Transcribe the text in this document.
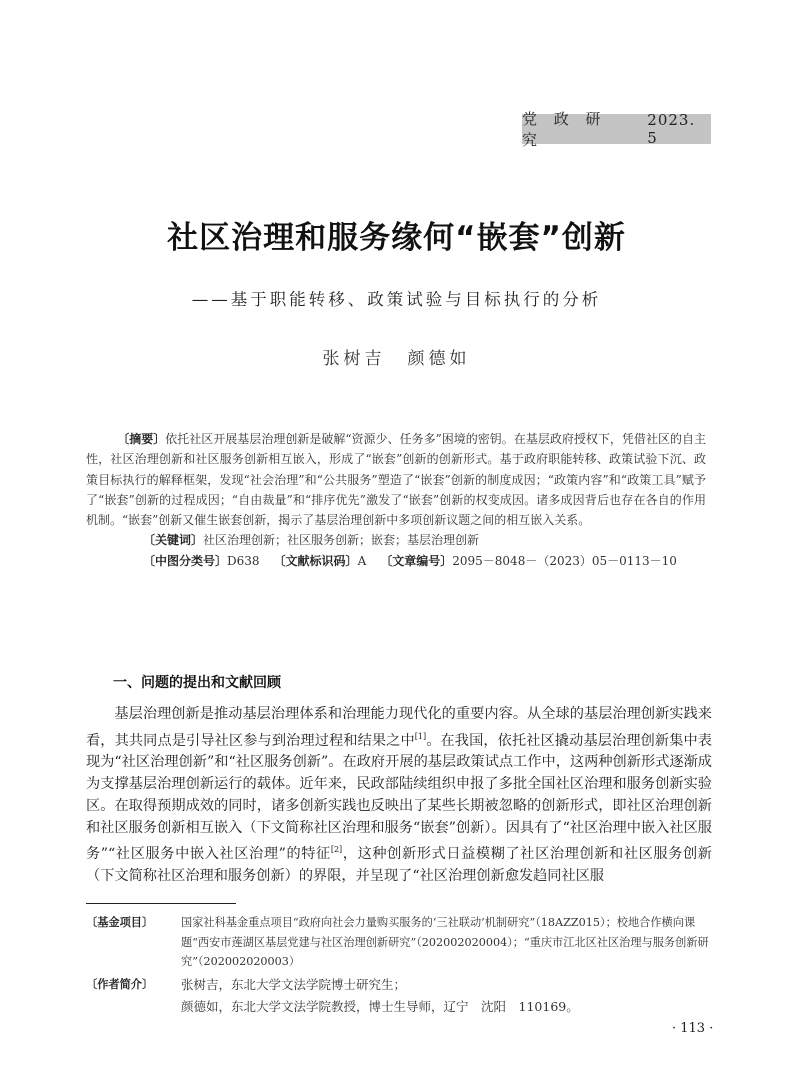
党 政 研 究
2023. 5
社区治理和服务缘何“嵌套”创新
——基于职能转移、政策试验与目标执行的分析
张树吉 颜德如

〔摘要〕依托社区开展基层治理创新是破解“资源少、任务多”困境的密钥。在基层政府授权下，凭借社区的自主性，社区治理创新和社区服务创新相互嵌入，形成了“嵌套”创新的创新形式。基于政府职能转移、政策试验下沉、政策目标执行的解释框架，发现“社会治理”和“公共服务”塑造了“嵌套”创新的制度成因；“政策内容”和“政策工具”赋予了“嵌套”创新的过程成因；“自由裁量”和“排序优先”激发了“嵌套”创新的权变成因。诸多成因背后也存在各自的作用机制。“嵌套”创新又催生嵌套创新，揭示了基层治理创新中多项创新议题之间的相互嵌入关系。

〔关键词〕社区治理创新；社区服务创新；嵌套；基层治理创新

〔中图分类号〕D638 〔文献标识码〕A 〔文章编号〕2095－8048－（2023）05－0113－10

一、问题的提出和文献回顾

基层治理创新是推动基层治理体系和治理能力现代化的重要内容。从全球的基层治理创新实践来看，其共同点是引导社区参与到治理过程和结果之中[1]。在我国，依托社区撬动基层治理创新集中表现为“社区治理创新”和“社区服务创新”。在政府开展的基层政策试点工作中，这两种创新形式逐渐成为支撑基层治理创新运行的载体。近年来，民政部陆续组织申报了多批全国社区治理和服务创新实验区。在取得预期成效的同时，诸多创新实践也反映出了某些长期被忽略的创新形式，即社区治理创新和社区服务创新相互嵌入（下文简称社区治理和服务“嵌套”创新）。因具有了“社区治理中嵌入社区服务”“社区服务中嵌入社区治理”的特征[2]，这种创新形式日益模糊了社区治理创新和社区服务创新（下文简称社区治理和服务创新）的界限，并呈现了“社区治理创新愈发趋同社区服

〔基金项目〕	国家社科基金重点项目“政府向社会力量购买服务的‘三社联动’机制研究”（18AZZ015）；校地合作横向课题“西安市莲湖区基层党建与社区治理创新研究”（202002020004）；“重庆市江北区社区治理与服务创新研究”（202002020003）
〔作者简介〕	张树吉，东北大学文法学院博士研究生；
颜德如，东北大学文法学院教授，博士生导师，辽宁　沈阳　110169。
· 113 ·
